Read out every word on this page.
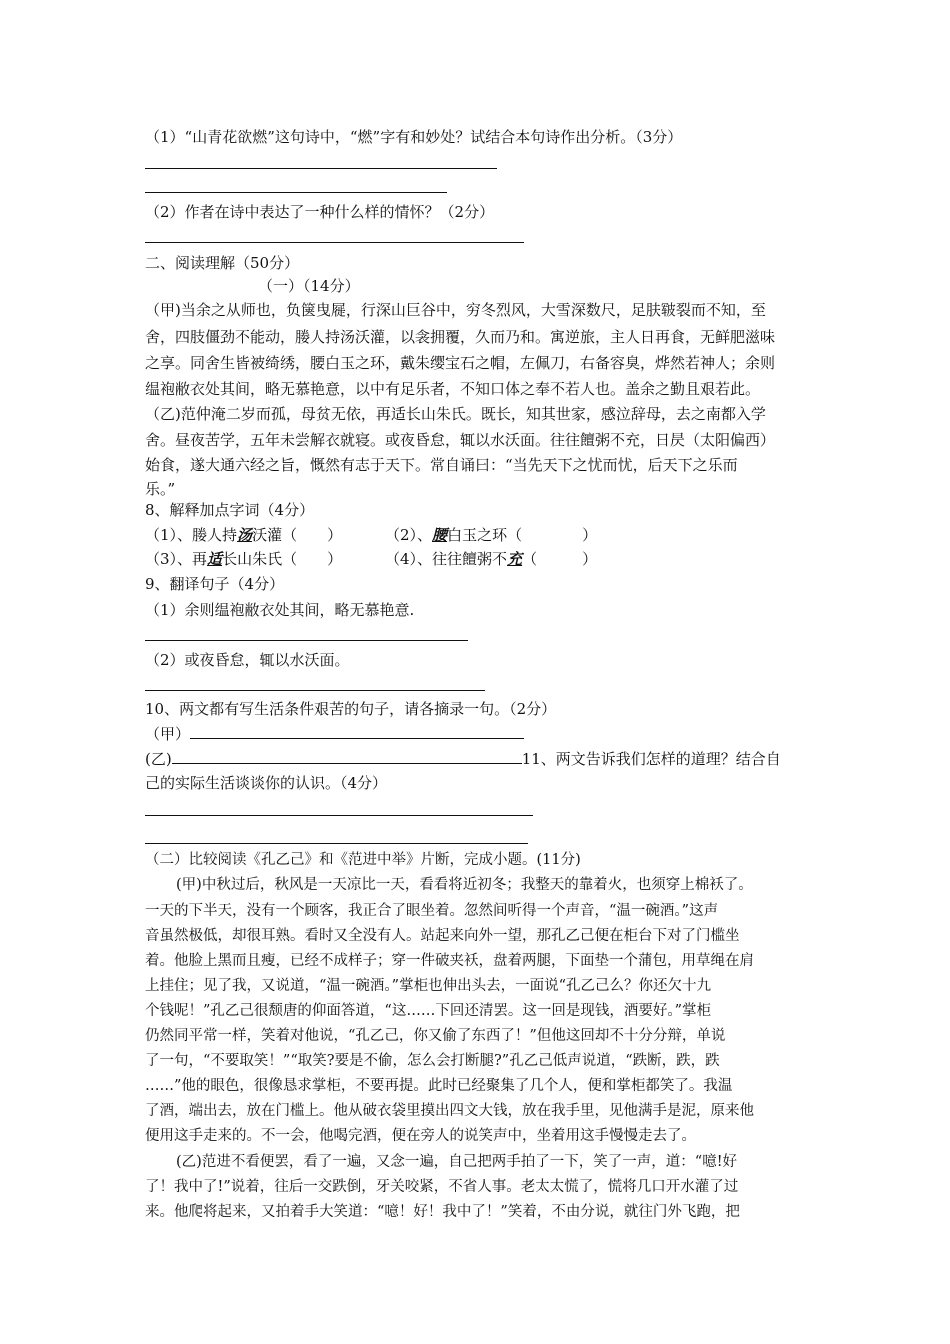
（1）“山青花欲燃”这句诗中，“燃”字有和妙处？试结合本句诗作出分析。（3分）
（2）作者在诗中表达了一种什么样的情怀？（2分）
二、阅读理解（50分）
（一）（14分）
（甲)当余之从师也，负箧曳屣，行深山巨谷中，穷冬烈风，大雪深数尺，足肤皲裂而不知，至
舍，四肢僵劲不能动，媵人持汤沃灌，以衾拥覆，久而乃和。寓逆旅，主人日再食，无鲜肥滋味
之享。同舍生皆被绮绣，腰白玉之环，戴朱缨宝石之帽，左佩刀，右备容臭，烨然若神人；余则
缊袍敝衣处其间，略无慕艳意，以中有足乐者，不知口体之奉不若人也。盖余之勤且艰若此。
（乙)范仲淹二岁而孤，母贫无依，再适长山朱氏。既长，知其世家，感泣辞母，去之南都入学
舍。昼夜苦学，五年未尝解衣就寝。或夜昏怠，辄以水沃面。往往饘粥不充，日昃（太阳偏西）
始食，遂大通六经之旨，慨然有志于天下。常自诵曰：“当先天下之忧而忧，后天下之乐而
乐。”
8、解释加点字词（4分）
（1）、媵人持汤沃灌（　　）	（2）、腰白玉之环（　　　　）
（3）、再适长山朱氏（　　）	（4）、往往饘粥不充（　　　）
9、翻译句子（4分）
（1）余则缊袍敝衣处其间，略无慕艳意.
（2）或夜昏怠，辄以水沃面。
10、两文都有写生活条件艰苦的句子，请各摘录一句。（2分）
（甲）
(乙)	11、两文告诉我们怎样的道理？结合自
己的实际生活谈谈你的认识。（4分）
（二）比较阅读《孔乙己》和《范进中举》片断，完成小题。(11分)
(甲)中秋过后，秋风是一天凉比一天，看看将近初冬；我整天的靠着火，也须穿上棉袄了。
一天的下半天，没有一个顾客，我正合了眼坐着。忽然间听得一个声音，“温一碗酒。”这声
音虽然极低，却很耳熟。看时又全没有人。站起来向外一望，那孔乙己便在柜台下对了门槛坐
着。他脸上黑而且瘦，已经不成样子；穿一件破夹袄，盘着两腿，下面垫一个蒲包，用草绳在肩
上挂住；见了我，又说道，“温一碗酒。”掌柜也伸出头去，一面说“孔乙己么？你还欠十九
个钱呢！”孔乙己很颓唐的仰面答道，“这……下回还清罢。这一回是现钱，酒要好。”掌柜
仍然同平常一样，笑着对他说，“孔乙己，你又偷了东西了！”但他这回却不十分分辩，单说
了一句，“不要取笑！”“取笑?要是不偷，怎么会打断腿?”孔乙己低声说道，“跌断，跌，跌
……”他的眼色，很像恳求掌柜，不要再提。此时已经聚集了几个人，便和掌柜都笑了。我温
了酒，端出去，放在门槛上。他从破衣袋里摸出四文大钱，放在我手里，见他满手是泥，原来他
便用这手走来的。不一会，他喝完酒，便在旁人的说笑声中，坐着用这手慢慢走去了。
(乙)范进不看便罢，看了一遍，又念一遍，自己把两手拍了一下，笑了一声，道：“噫!好
了！我中了!”说着，往后一交跌倒，牙关咬紧，不省人事。老太太慌了，慌将几口开水灌了过
来。他爬将起来，又拍着手大笑道：“噫！好！我中了！”笑着，不由分说，就往门外飞跑，把
